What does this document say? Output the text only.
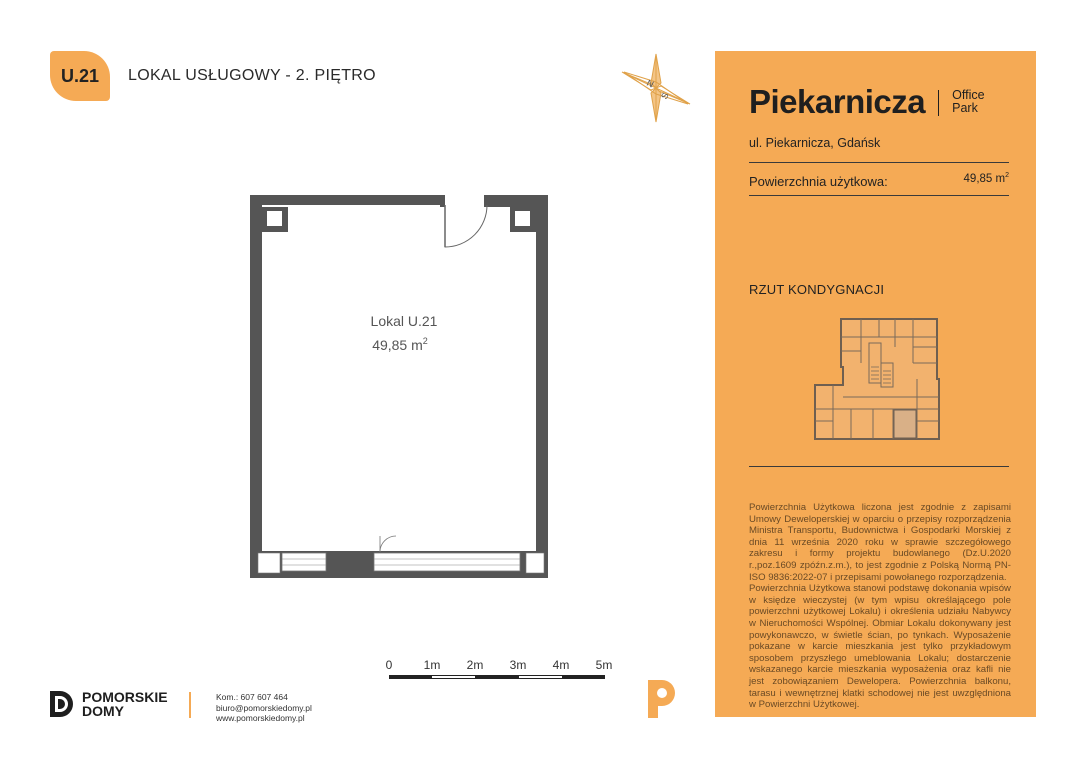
U.21 LOKAL USŁUGOWY - 2. PIĘTRO	N
S
Lokal U.21
49,85 $m^2$
0	1m 2m 3m 4m 5m
POMORSKIE
DOMY
Kom.: 607 607 464
biuro@pomorskiedomy.pl
www.pomorskiedomy.pl
Piekarnicza Office
Park
ul. Piekarnicza, Gdańsk
Powierzchnia użytkowa:	49,85 $m^2$
RZUT KONDYGNACJI

Powierzchnia Użytkowa liczona jest zgodnie z zapisami Umowy Deweloperskiej w oparciu o przepisy rozporządzenia Ministra Transportu, Budownictwa i Gospodarki Morskiej z dnia 11 września 2020 roku w sprawie szczegółowego zakresu i formy projektu budowlanego (Dz.U.2020 r.,poz.1609 zpóźn.z.m.), to jest zgodnie z Polską Normą PN-ISO 9836:2022-07 i przepisami powołanego rozporządzenia.

Powierzchnia Użytkowa stanowi podstawę dokonania wpisów w księdze wieczystej (w tym wpisu określającego pole powierzchni użytkowej Lokalu) i określenia udziału Nabywcy w Nieruchomości Wspólnej. Obmiar Lokalu dokonywany jest powykonawczo, w świetle ścian, po tynkach. Wyposażenie pokazane w karcie mieszkania jest tylko przykładowym sposobem przyszłego umeblowania Lokalu; dostarczenie wskazanego karcie mieszkania wyposażenia oraz kafli nie jest zobowiązaniem Dewelopera. Powierzchnia balkonu, tarasu i wewnętrznej klatki schodowej nie jest uwzględniona w Powierzchni Użytkowej.
